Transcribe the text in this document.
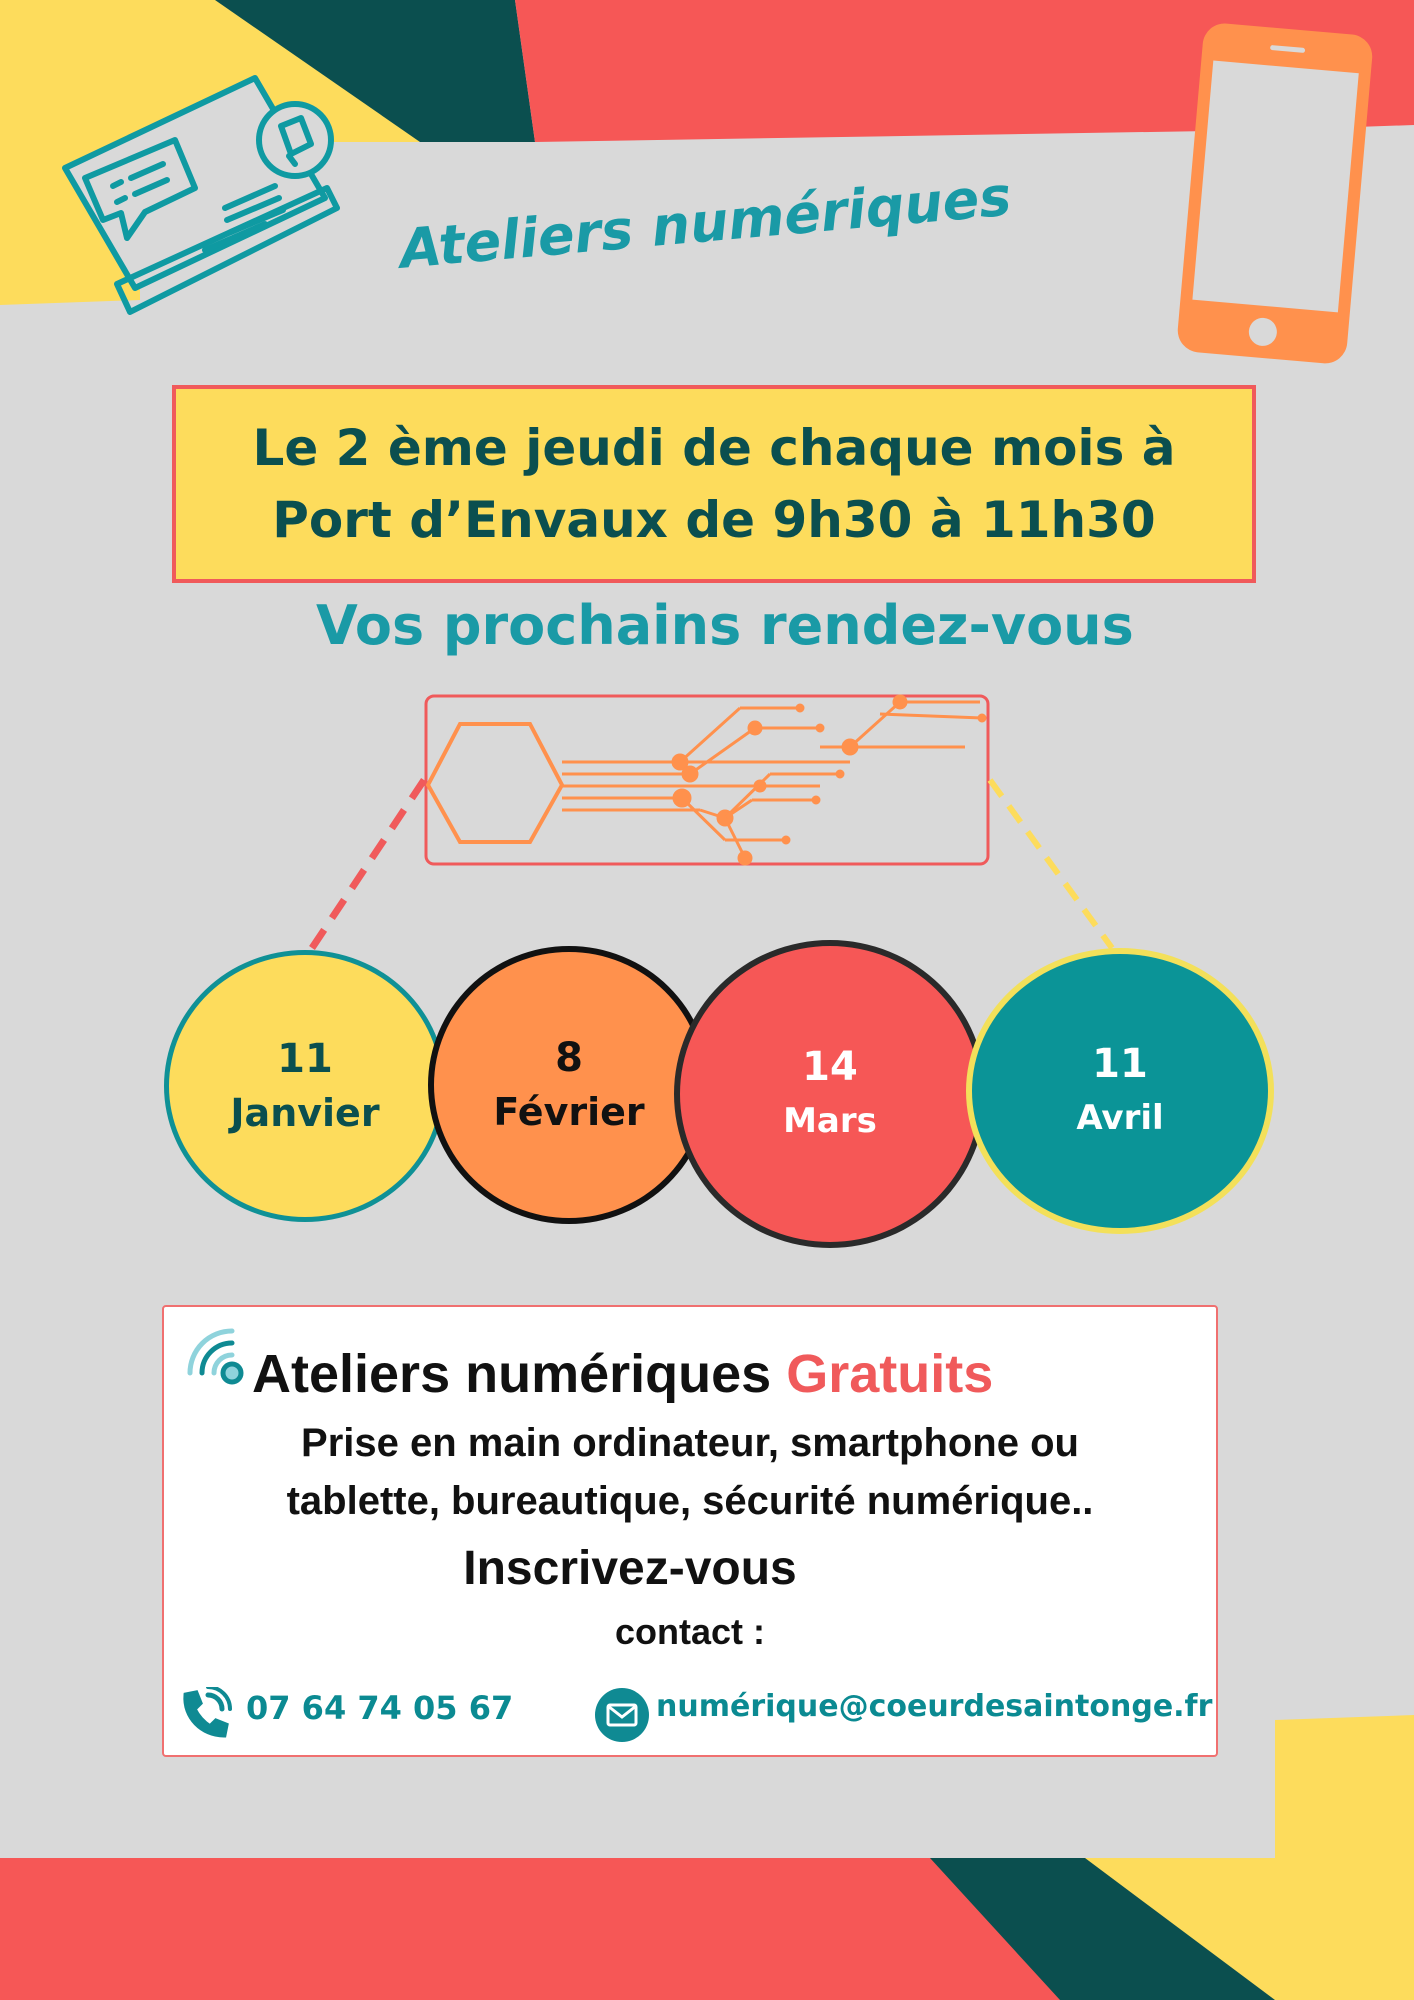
Ateliers numériques
Le 2 ème jeudi de chaque mois à
Port d’Envaux de 9h30 à 11h30
Vos prochains rendez-vous
11
Janvier
8
Février
14
Mars
11
Avril
Ateliers numériques Gratuits
Prise en main ordinateur, smartphone ou
tablette, bureautique, sécurité numérique..
Inscrivez-vous
contact :
07 64 74 05 67	numérique@coeurdesaintonge.fr
